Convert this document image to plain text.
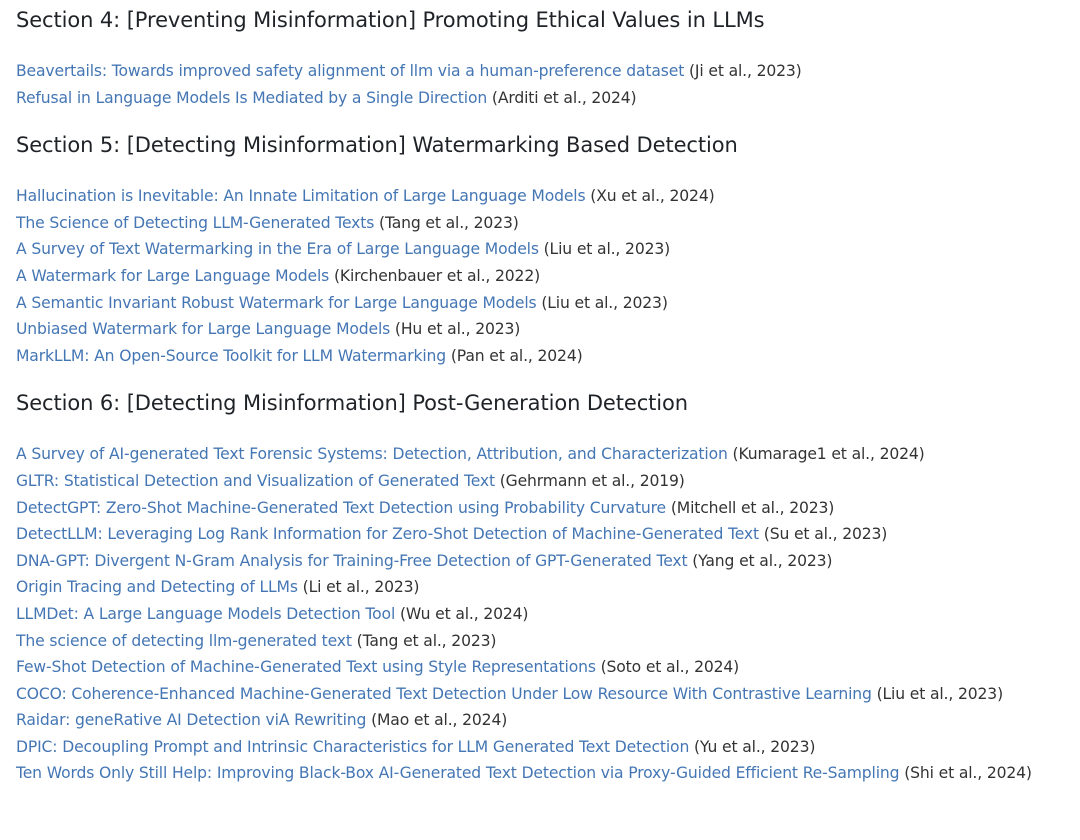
Section 4: [Preventing Misinformation] Promoting Ethical Values in LLMs
Beavertails: Towards improved safety alignment of llm via a human-preference dataset (Ji et al., 2023)
Refusal in Language Models Is Mediated by a Single Direction (Arditi et al., 2024)
Section 5: [Detecting Misinformation] Watermarking Based Detection
Hallucination is Inevitable: An Innate Limitation of Large Language Models (Xu et al., 2024)
The Science of Detecting LLM-Generated Texts (Tang et al., 2023)
A Survey of Text Watermarking in the Era of Large Language Models (Liu et al., 2023)
A Watermark for Large Language Models (Kirchenbauer et al., 2022)
A Semantic Invariant Robust Watermark for Large Language Models (Liu et al., 2023)
Unbiased Watermark for Large Language Models (Hu et al., 2023)
MarkLLM: An Open-Source Toolkit for LLM Watermarking (Pan et al., 2024)
Section 6: [Detecting Misinformation] Post-Generation Detection
A Survey of AI-generated Text Forensic Systems: Detection, Attribution, and Characterization (Kumarage1 et al., 2024)
GLTR: Statistical Detection and Visualization of Generated Text (Gehrmann et al., 2019)
DetectGPT: Zero-Shot Machine-Generated Text Detection using Probability Curvature (Mitchell et al., 2023)
DetectLLM: Leveraging Log Rank Information for Zero-Shot Detection of Machine-Generated Text (Su et al., 2023)
DNA-GPT: Divergent N-Gram Analysis for Training-Free Detection of GPT-Generated Text (Yang et al., 2023)
Origin Tracing and Detecting of LLMs (Li et al., 2023)
LLMDet: A Large Language Models Detection Tool (Wu et al., 2024)
The science of detecting llm-generated text (Tang et al., 2023)
Few-Shot Detection of Machine-Generated Text using Style Representations (Soto et al., 2024)
COCO: Coherence-Enhanced Machine-Generated Text Detection Under Low Resource With Contrastive Learning (Liu et al., 2023)
Raidar: geneRative AI Detection viA Rewriting (Mao et al., 2024)
DPIC: Decoupling Prompt and Intrinsic Characteristics for LLM Generated Text Detection (Yu et al., 2023)
Ten Words Only Still Help: Improving Black-Box AI-Generated Text Detection via Proxy-Guided Efficient Re-Sampling (Shi et al., 2024)
